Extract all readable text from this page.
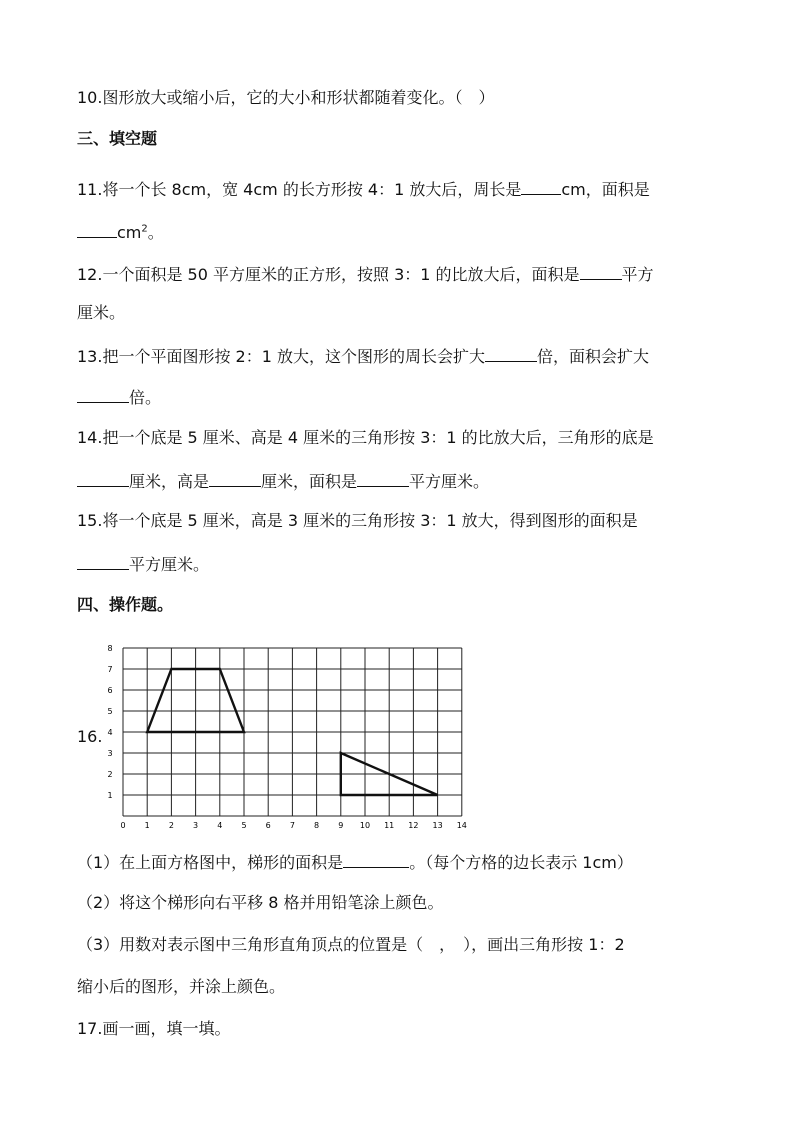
10.图形放大或缩小后，它的大小和形状都随着变化。（　）
三、填空题
11.将一个长 8cm，宽 4cm 的长方形按 4：1 放大后，周长是	cm，面积是
$cm^2$。
12.一个面积是 50 平方厘米的正方形，按照 3：1 的比放大后，面积是	平方
厘米。
13.把一个平面图形按 2：1 放大，这个图形的周长会扩大	倍，面积会扩大
倍。
14.把一个底是 5 厘米、高是 4 厘米的三角形按 3：1 的比放大后，三角形的底是
厘米，高是	厘米，面积是	平方厘米。
15.将一个底是 5 厘米，高是 3 厘米的三角形按 3：1 放大，得到图形的面积是
平方厘米。
四、操作题。
16.
0 1 2 3 4 5 6 7 8 9 10 11 12 13 14
1
2
3
4
5
6
7
8
（1）在上面方格图中，梯形的面积是	。（每个方格的边长表示 1cm）
（2）将这个梯形向右平移 8 格并用铅笔涂上颜色。
（3）用数对表示图中三角形直角顶点的位置是（　，　），画出三角形按 1：2
缩小后的图形，并涂上颜色。
17.画一画，填一填。
